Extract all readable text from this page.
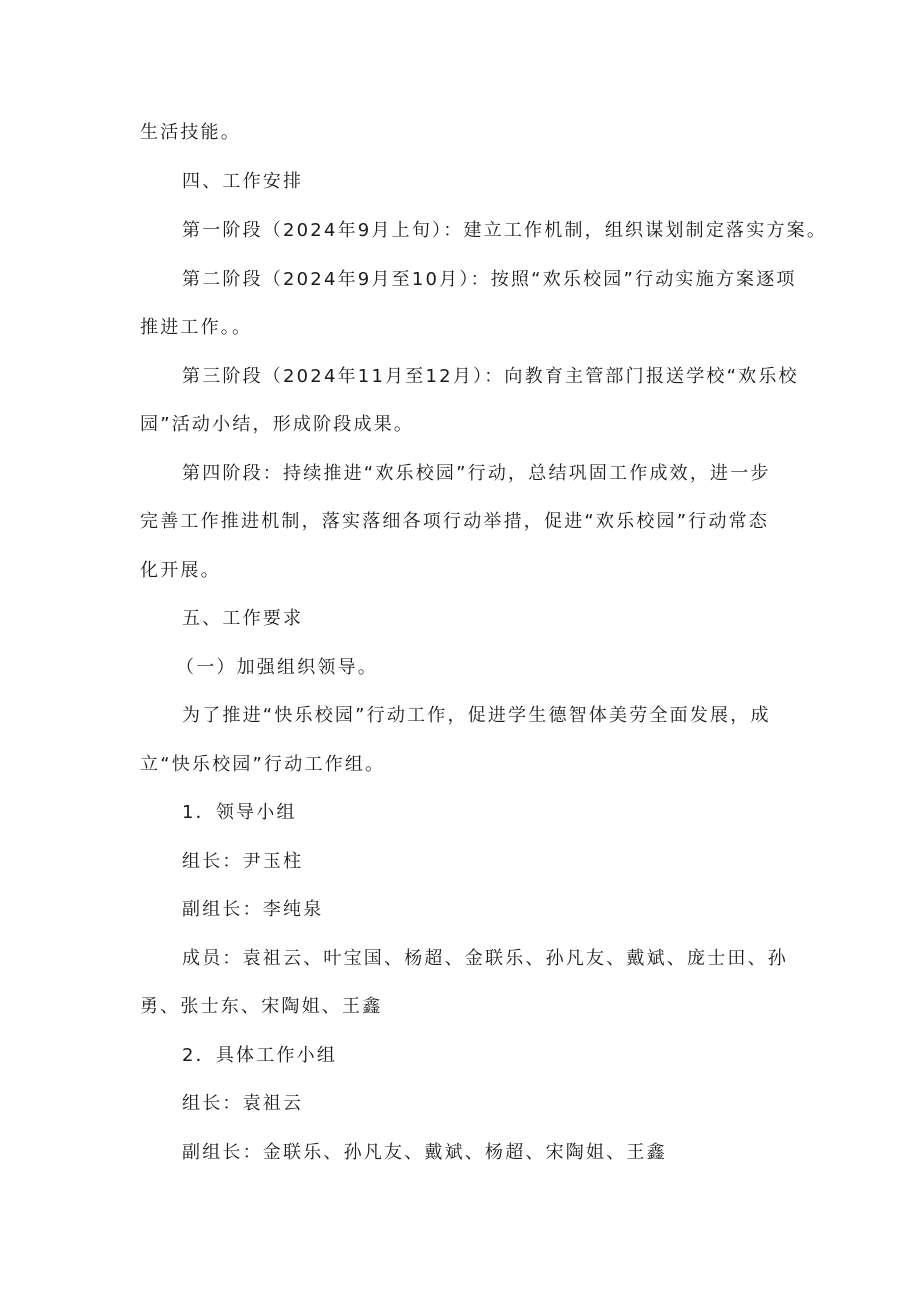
生活技能。
四、工作安排
第一阶段（2024年9月上旬）：建立工作机制，组织谋划制定落实方案。
第二阶段（2024年9月至10月）：按照“欢乐校园”行动实施方案逐项
推进工作。。
第三阶段（2024年11月至12月）：向教育主管部门报送学校“欢乐校
园”活动小结，形成阶段成果。
第四阶段：持续推进“欢乐校园”行动，总结巩固工作成效，进一步
完善工作推进机制，落实落细各项行动举措，促进“欢乐校园”行动常态
化开展。
五、工作要求
（一）加强组织领导。
为了推进“快乐校园”行动工作，促进学生德智体美劳全面发展，成
立“快乐校园”行动工作组。
1．领导小组
组长：尹玉柱
副组长：李纯泉
成员：袁祖云、叶宝国、杨超、金联乐、孙凡友、戴斌、庞士田、孙
勇、张士东、宋陶姐、王鑫
2．具体工作小组
组长：袁祖云
副组长：金联乐、孙凡友、戴斌、杨超、宋陶姐、王鑫
